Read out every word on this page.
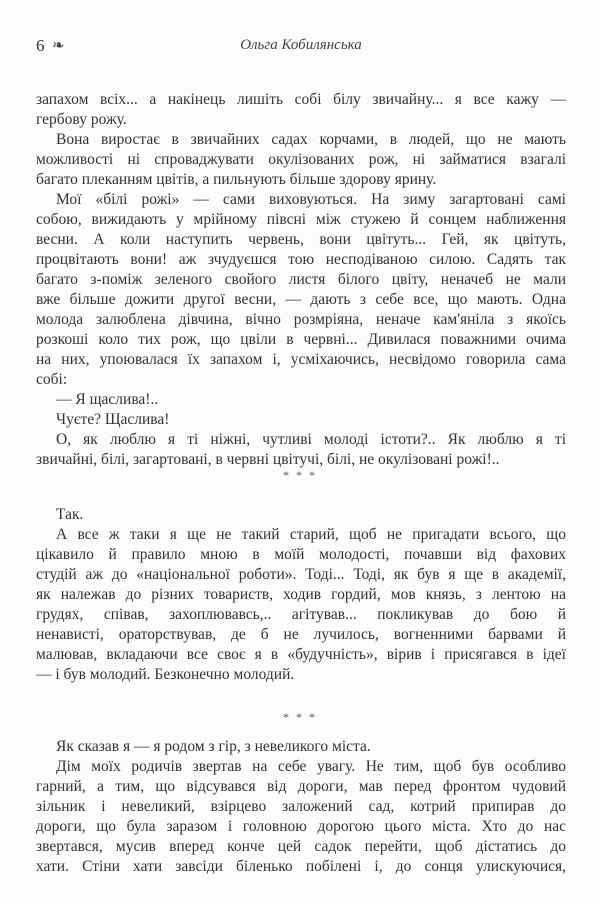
6 ❧	Ольга Кобилянська
запахом всіх... а накінець лишіть собі білу звичайну... я все кажу —
гербову рожу.
Вона виростає в звичайних садах корчами, в людей, що не мають
можливості ні спроваджувати окулізованих рож, ні займатися взагалі
багато плеканням цвітів, а пильнують більше здорову ярину.
Мої «білі рожі» — сами виховуються. На зиму загартовані самі
собою, вижидають у мрійному півсні між стужею й сонцем наближення
весни. А коли наступить червень, вони цвітуть... Гей, як цвітуть,
процвітають вони! аж зчудуєшся тою несподіваною силою. Садять так
багато з-поміж зеленого свойого листя білого цвіту, неначеб не мали
вже більше дожити другої весни, — дають з себе все, що мають. Одна
молода залюблена дівчина, вічно розмріяна, неначе кам'яніла з якоїсь
розкоші коло тих рож, що цвіли в червні... Дивилася поважними очима
на них, упоювалася їх запахом і, усміхаючись, несвідомо говорила сама
собі:
— Я щаслива!..
Чуєте? Щаслива!
О, як люблю я ті ніжні, чутливі молоді істоти?.. Як люблю я ті
звичайні, білі, загартовані, в червні цвітучі, білі, не окулізовані рожі!..
* * *
Так.
А все ж таки я ще не такий старий, щоб не пригадати всього, що
цікавило й правило мною в моїй молодості, почавши від фахових
студій аж до «національної роботи». Тоді... Тоді, як був я ще в академії,
як належав до різних товариств, ходив гордий, мов князь, з лентою на
грудях, співав, захоплювавсь,.. агітував... покликував до бою й
ненависті, ораторствував, де б не лучилось, вогненними барвами й
малював, вкладаючи все своє я в «будучність», вірив і присягався в ідеї
— і був молодий. Безконечно молодий.
* * *
Як сказав я — я родом з гір, з невеликого міста.
Дім моїх родичів звертав на себе увагу. Не тим, щоб був особливо
гарний, а тим, що відсувався від дороги, мав перед фронтом чудовий
зільник і невеликий, взірцево заложений сад, котрий припирав до
дороги, що була заразом і головною дорогою цього міста. Хто до нас
звертався, мусив вперед конче цей садок перейти, щоб дістатись до
хати. Стіни хати завсіди біленько побілені і, до сонця улискуючися,
